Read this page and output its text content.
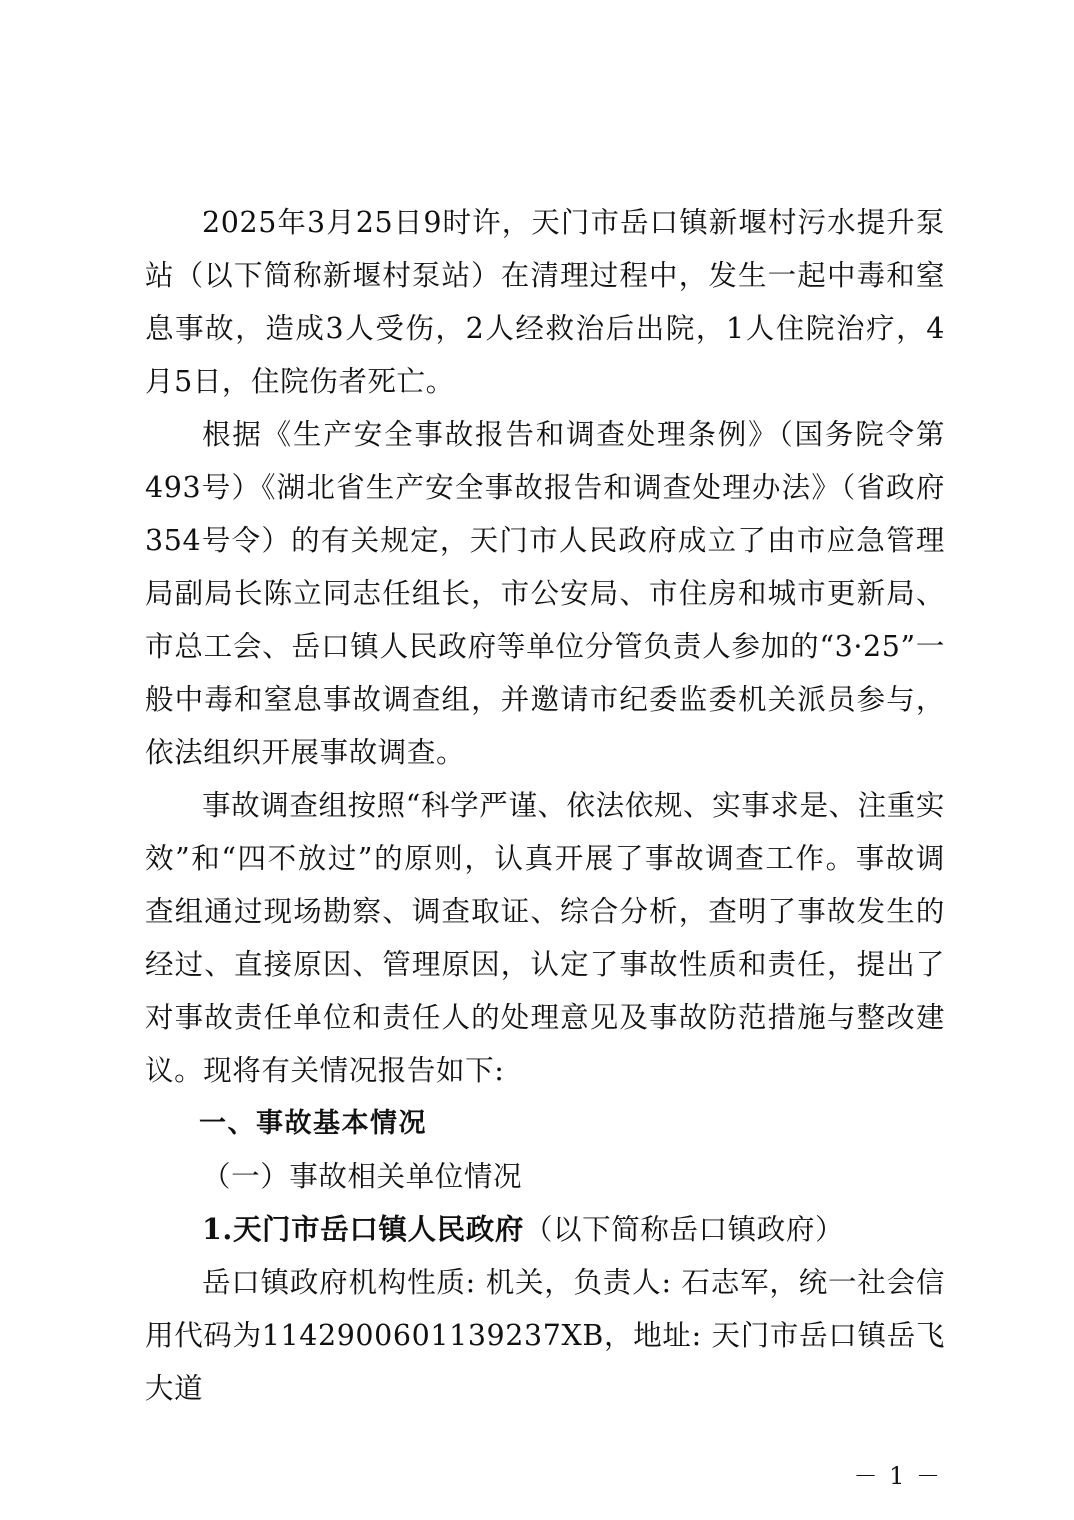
2025年3月25日9时许，天门市岳口镇新堰村污水提升泵站（以下简称新堰村泵站）在清理过程中，发生一起中毒和窒息事故，造成3人受伤，2人经救治后出院，1人住院治疗，4月5日，住院伤者死亡。

根据《生产安全事故报告和调查处理条例》（国务院令第493号）《湖北省生产安全事故报告和调查处理办法》（省政府354号令）的有关规定，天门市人民政府成立了由市应急管理局副局长陈立同志任组长，市公安局、市住房和城市更新局、市总工会、岳口镇人民政府等单位分管负责人参加的“3·25”一般中毒和窒息事故调查组，并邀请市纪委监委机关派员参与，依法组织开展事故调查。

事故调查组按照“科学严谨、依法依规、实事求是、注重实效”和“四不放过”的原则，认真开展了事故调查工作。事故调查组通过现场勘察、调查取证、综合分析，查明了事故发生的经过、直接原因、管理原因，认定了事故性质和责任，提出了对事故责任单位和责任人的处理意见及事故防范措施与整改建议。现将有关情况报告如下:

一、事故基本情况

（一）事故相关单位情况

1.天门市岳口镇人民政府（以下简称岳口镇政府）

岳口镇政府机构性质: 机关，负责人: 石志军，统一社会信用代码为1142900601139237XB，地址: 天门市岳口镇岳飞大道

－ 1 －
